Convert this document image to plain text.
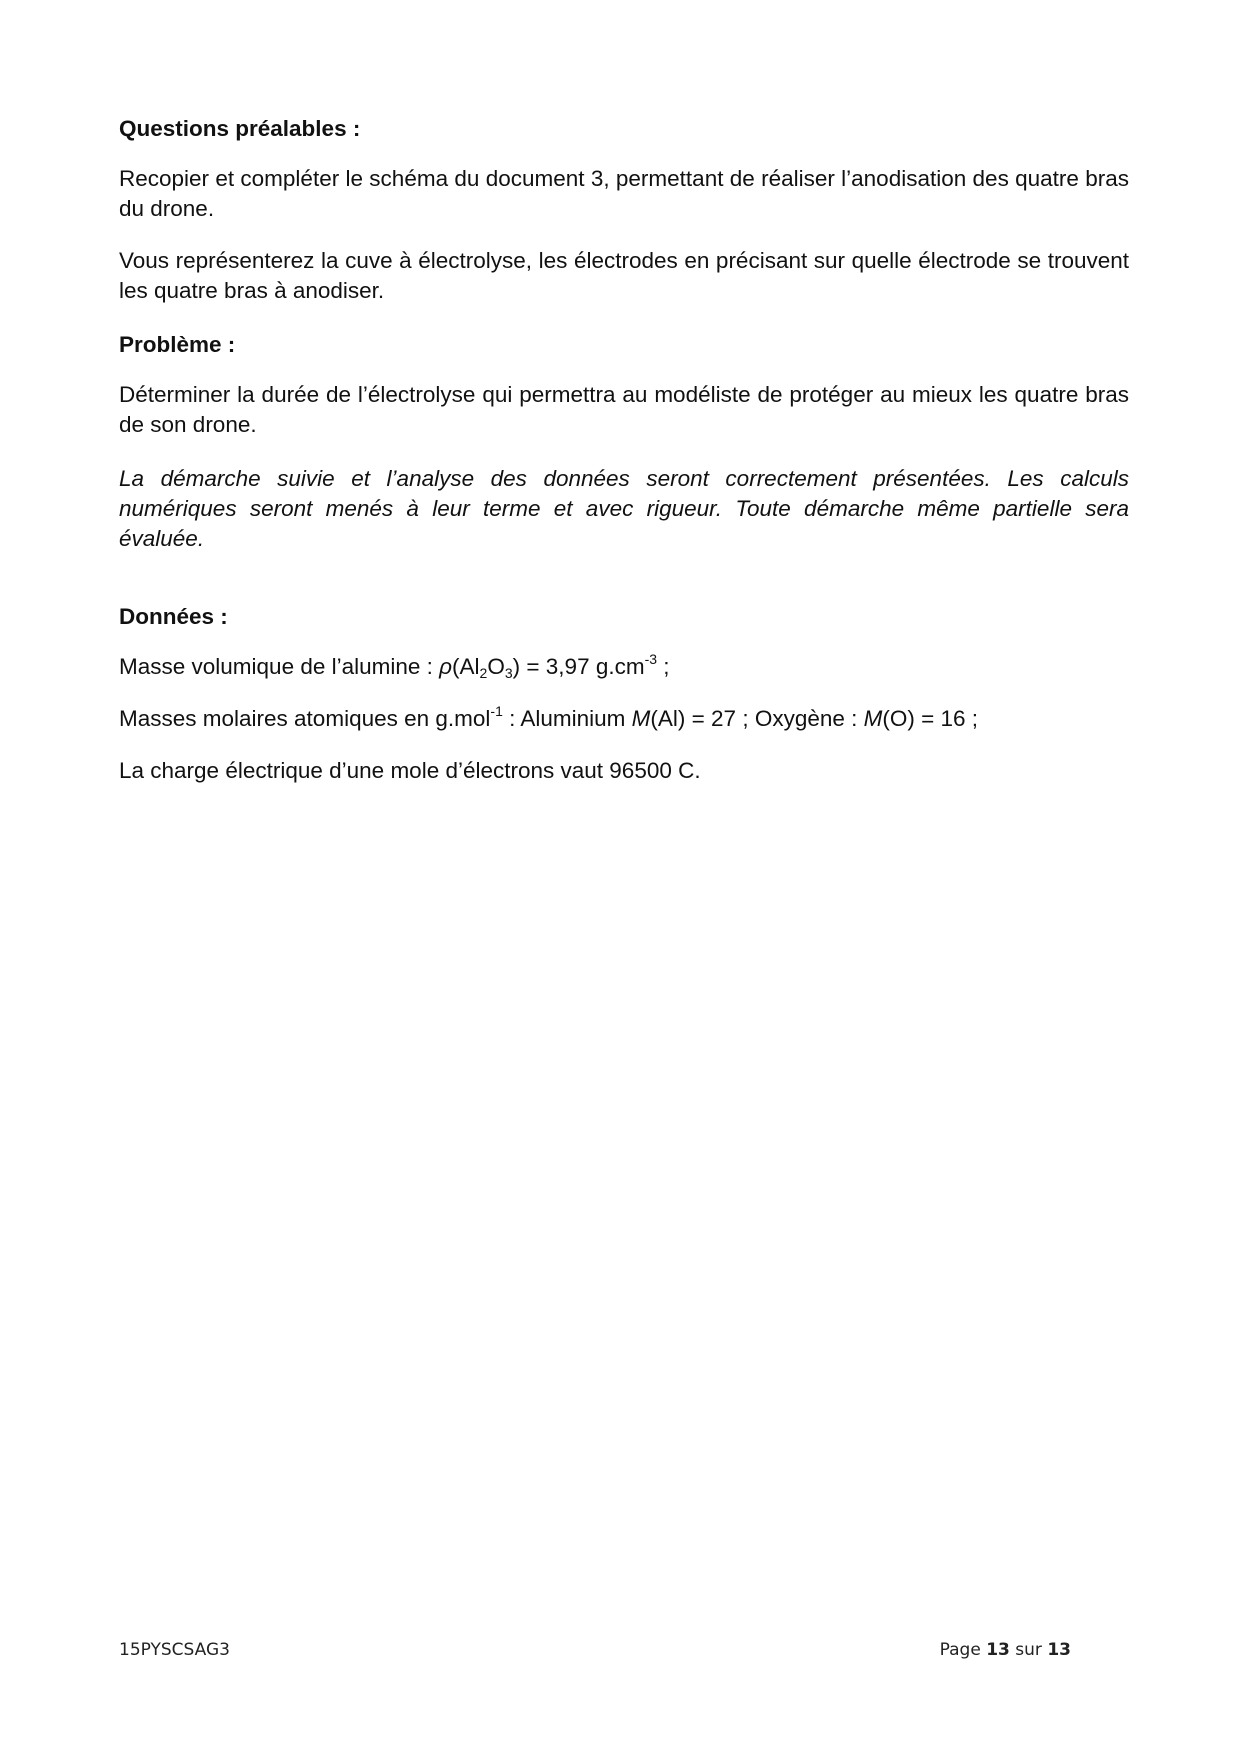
Questions préalables :

Recopier et compléter le schéma du document 3, permettant de réaliser l’anodisation des quatre bras du drone.

Vous représenterez la cuve à électrolyse, les électrodes en précisant sur quelle électrode se trouvent les quatre bras à anodiser.

Problème :

Déterminer la durée de l’électrolyse qui permettra au modéliste de protéger au mieux les quatre bras de son drone.

La démarche suivie et l’analyse des données seront correctement présentées. Les calculs numériques seront menés à leur terme et avec rigueur. Toute démarche même partielle sera évaluée.

Données :

Masse volumique de l’alumine : $\rho(Al_2O_3) = 3,97$ $g.cm^{-3}$ ;

Masses molaires atomiques en g.mol$^{-1}$ : Aluminium M(Al) = 27 ; Oxygène : M(O) = 16 ;

La charge électrique d’une mole d’électrons vaut 96500 C.

15PYSCSAG3	Page 13 sur 13
